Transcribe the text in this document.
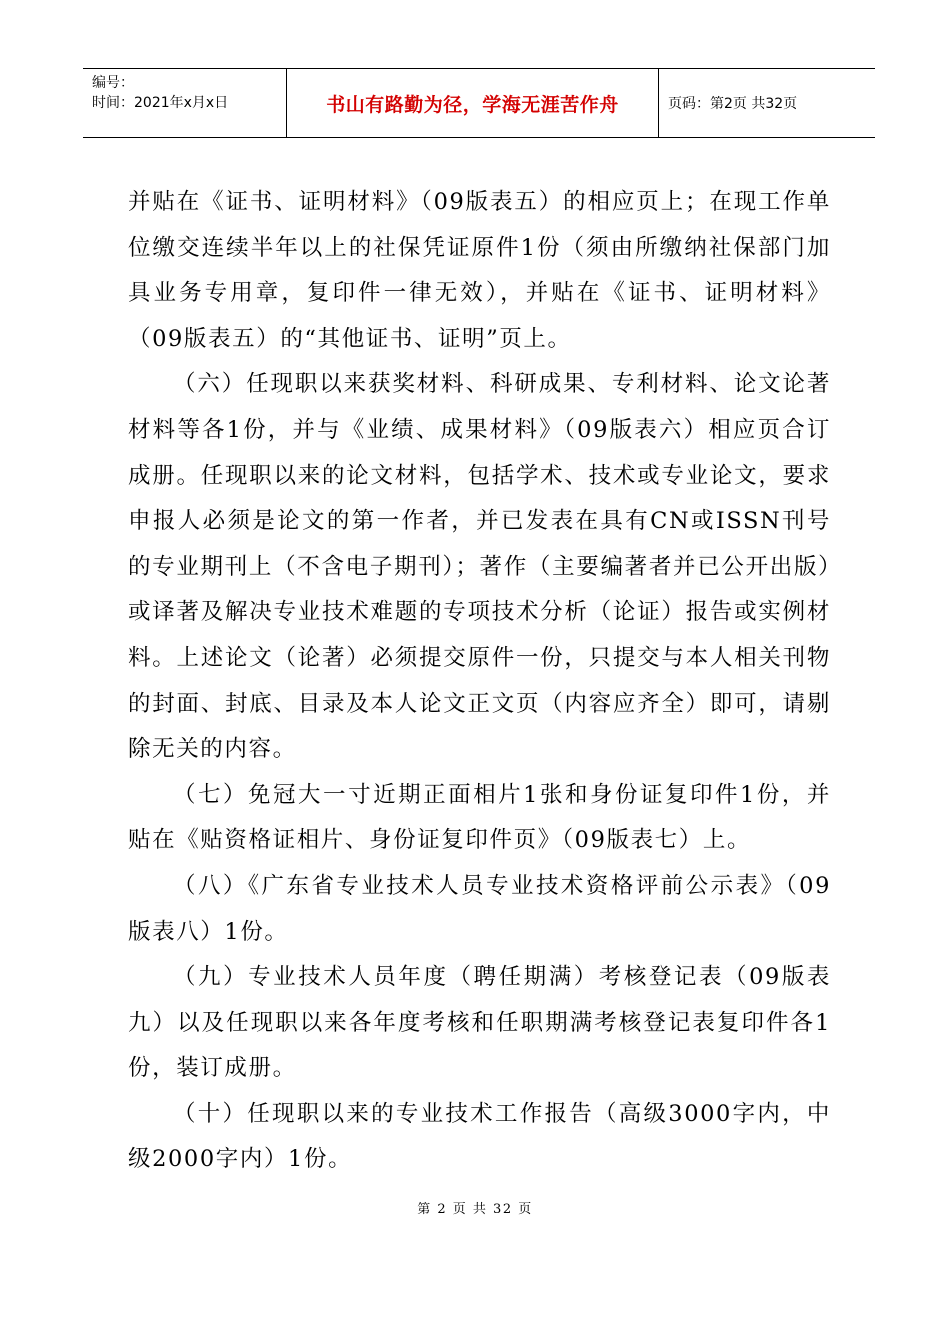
编号：
时间：2021年x月x日	书山有路勤为径，学海无涯苦作舟	页码：第2页 共32页

并贴在《证书、证明材料》（09版表五）的相应页上；在现工作单位缴交连续半年以上的社保凭证原件1份（须由所缴纳社保部门加具业务专用章，复印件一律无效），并贴在《证书、证明材料》（09版表五）的“其他证书、证明”页上。

（六）任现职以来获奖材料、科研成果、专利材料、论文论著材料等各1份，并与《业绩、成果材料》（09版表六）相应页合订成册。任现职以来的论文材料，包括学术、技术或专业论文，要求申报人必须是论文的第一作者，并已发表在具有CN或ISSN刊号的专业期刊上（不含电子期刊）；著作（主要编著者并已公开出版）或译著及解决专业技术难题的专项技术分析（论证）报告或实例材料。上述论文（论著）必须提交原件一份，只提交与本人相关刊物的封面、封底、目录及本人论文正文页（内容应齐全）即可，请剔除无关的内容。

（七）免冠大一寸近期正面相片1张和身份证复印件1份，并贴在《贴资格证相片、身份证复印件页》（09版表七）上。

（八）《广东省专业技术人员专业技术资格评前公示表》（09版表八）1份。

（九）专业技术人员年度（聘任期满）考核登记表（09版表九）以及任现职以来各年度考核和任职期满考核登记表复印件各1份，装订成册。

（十）任现职以来的专业技术工作报告（高级3000字内，中级2000字内）1份。

第 2 页 共 32 页
